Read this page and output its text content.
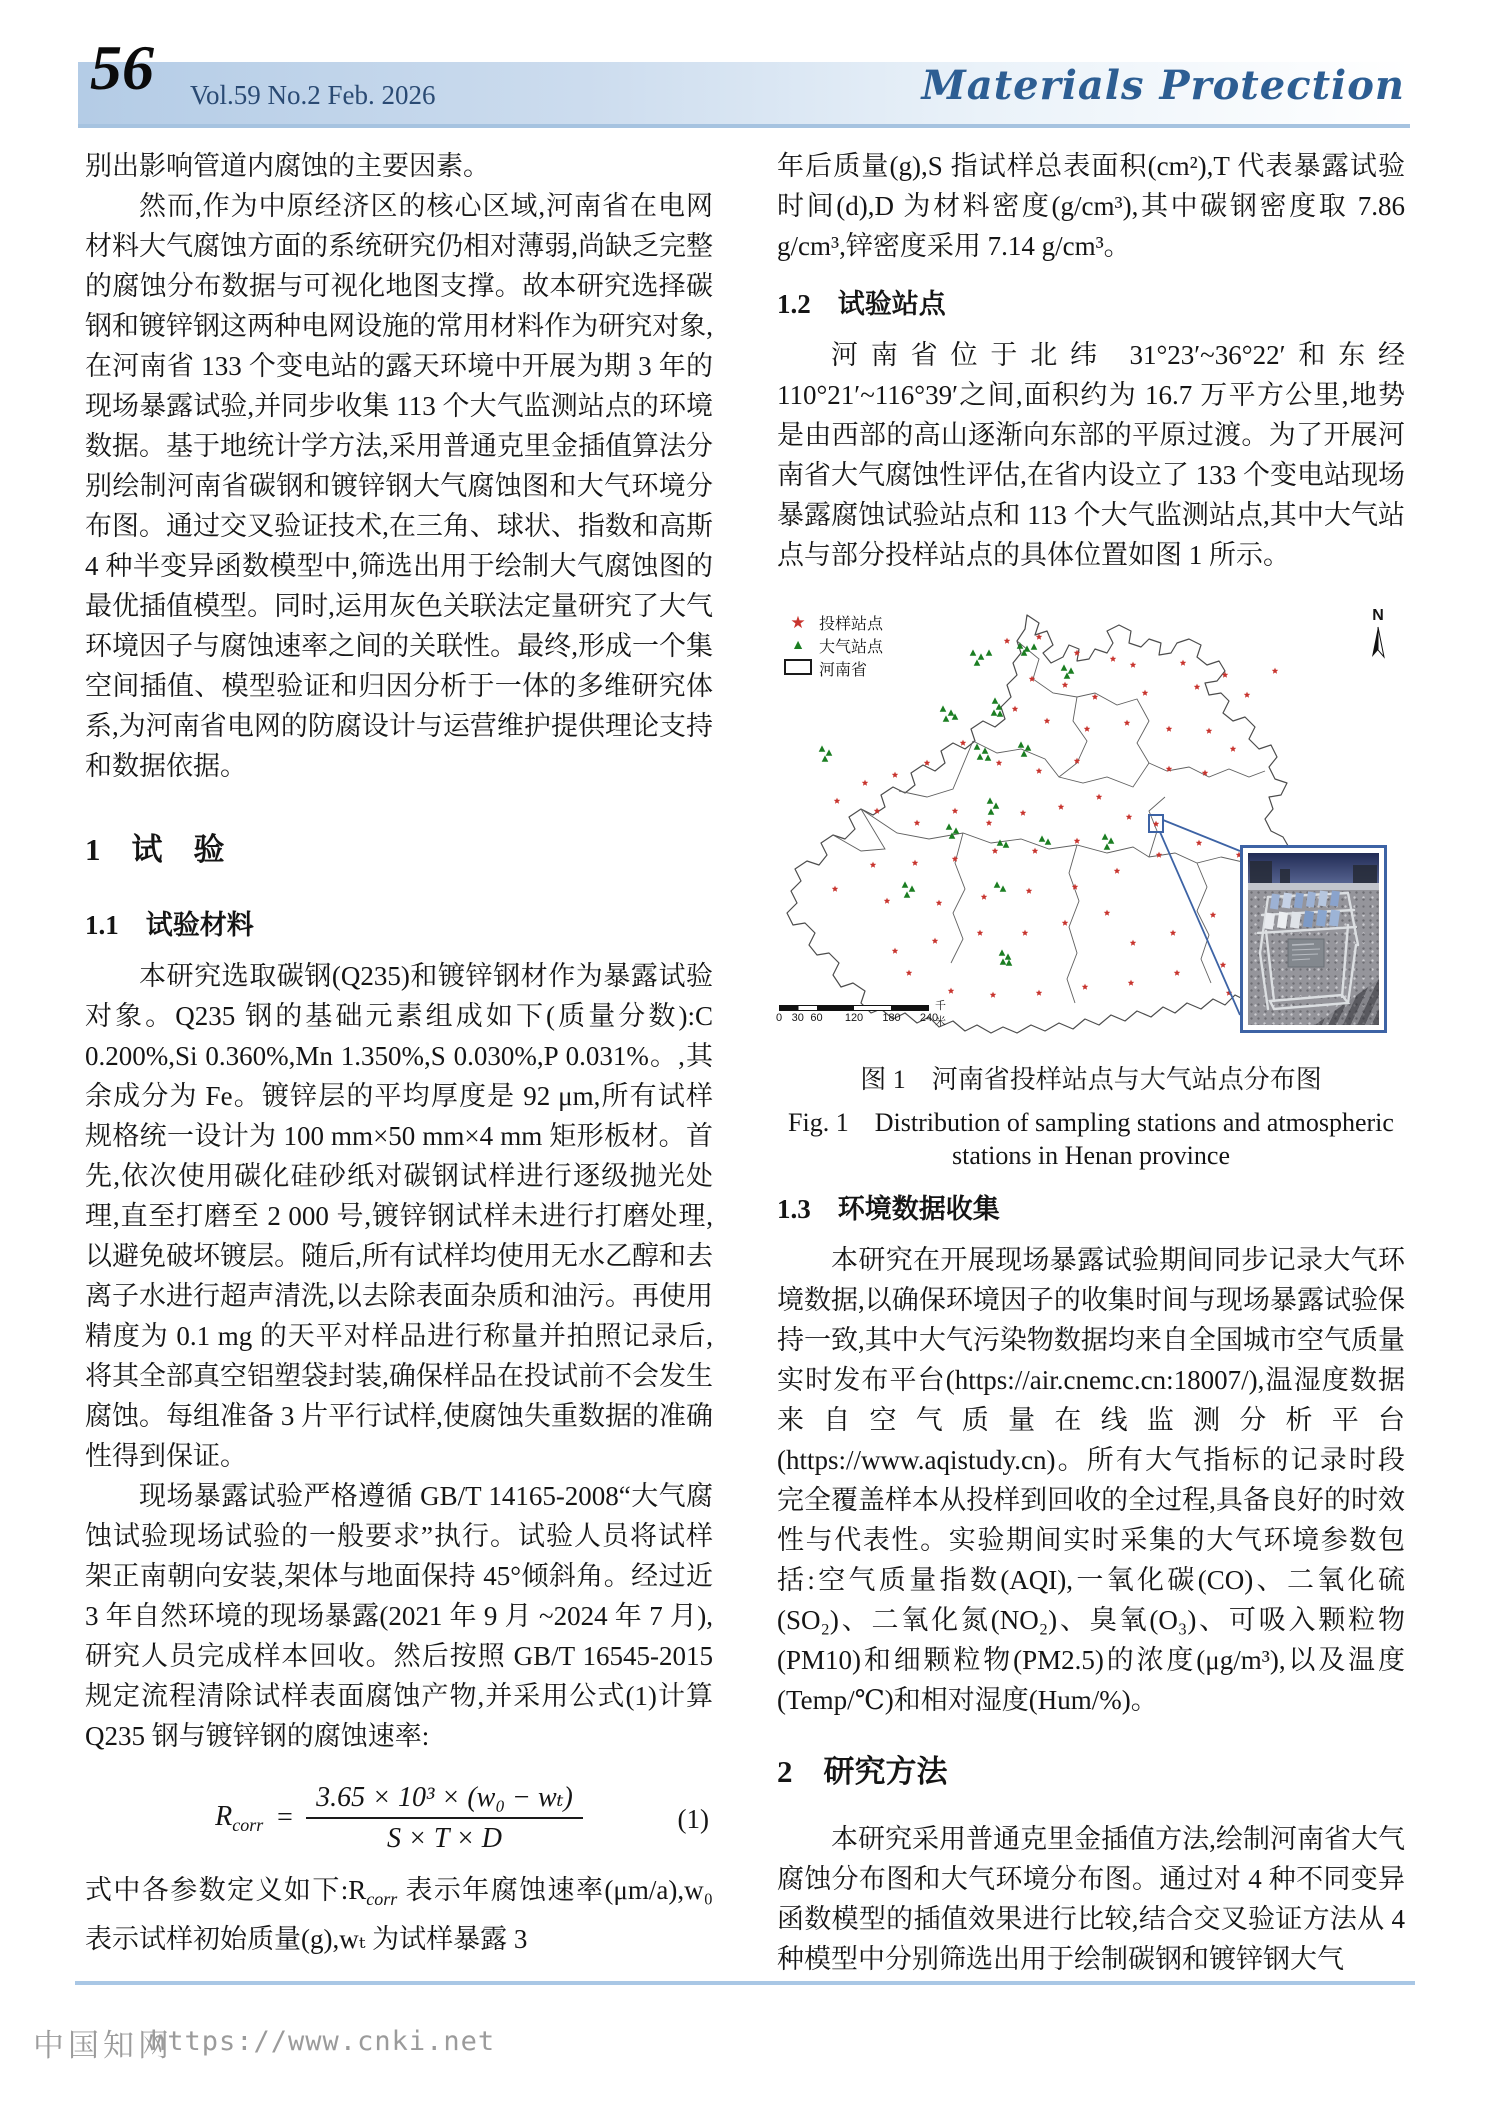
56 Vol.59 No.2 Feb. 2026	Materials Protection

别出影响管道内腐蚀的主要因素。

然而,作为中原经济区的核心区域,河南省在电网材料大气腐蚀方面的系统研究仍相对薄弱,尚缺乏完整的腐蚀分布数据与可视化地图支撑。故本研究选择碳钢和镀锌钢这两种电网设施的常用材料作为研究对象,在河南省 133 个变电站的露天环境中开展为期 3 年的现场暴露试验,并同步收集 113 个大气监测站点的环境数据。基于地统计学方法,采用普通克里金插值算法分别绘制河南省碳钢和镀锌钢大气腐蚀图和大气环境分布图。通过交叉验证技术,在三角、球状、指数和高斯 4 种半变异函数模型中,筛选出用于绘制大气腐蚀图的最优插值模型。同时,运用灰色关联法定量研究了大气环境因子与腐蚀速率之间的关联性。最终,形成一个集空间插值、模型验证和归因分析于一体的多维研究体系,为河南省电网的防腐设计与运营维护提供理论支持和数据依据。

1　试　验
1.1　试验材料

本研究选取碳钢(Q235)和镀锌钢材作为暴露试验对象。Q235 钢的基础元素组成如下(质量分数):C 0.200%,Si 0.360%,Mn 1.350%,S 0.030%,P 0.031%。,其余成分为 Fe。镀锌层的平均厚度是 92 μm,所有试样规格统一设计为 100 mm×50 mm×4 mm 矩形板材。首先,依次使用碳化硅砂纸对碳钢试样进行逐级抛光处理,直至打磨至 2 000 号,镀锌钢试样未进行打磨处理,以避免破坏镀层。随后,所有试样均使用无水乙醇和去离子水进行超声清洗,以去除表面杂质和油污。再使用精度为 0.1 mg 的天平对样品进行称量并拍照记录后,将其全部真空铝塑袋封装,确保样品在投试前不会发生腐蚀。每组准备 3 片平行试样,使腐蚀失重数据的准确性得到保证。

现场暴露试验严格遵循 GB/T 14165-2008“大气腐蚀试验现场试验的一般要求”执行。试验人员将试样架正南朝向安装,架体与地面保持 45°倾斜角。经过近 3 年自然环境的现场暴露(2021 年 9 月 ~2024 年 7 月),研究人员完成样本回收。然后按照 GB/T 16545-2015 规定流程清除试样表面腐蚀产物,并采用公式(1)计算 Q235 钢与镀锌钢的腐蚀速率:

$R_{corr} = \frac{\text{3.65 × 10³ × (w₀ − wₜ)}}{S \times T \times D}$	(1)

式中各参数定义如下$:R_{corr}$ 表示年腐蚀速率(μm/a),w₀ 表示试样初始质量(g),wₜ 为试样暴露 3

年后质量(g),S 指试样总表面积(cm²),T 代表暴露试验时间(d),D 为材料密度(g/cm³),其中碳钢密度取 7.86 g/cm³,锌密度采用 7.14 g/cm³。

1.2　试验站点

河南省位于北纬 31°23′~36°22′和东经 110°21′~116°39′之间,面积约为 16.7 万平方公里,地势是由西部的高山逐渐向东部的平原过渡。为了开展河南省大气腐蚀性评估,在省内设立了 133 个变电站现场暴露腐蚀试验站点和 113 个大气监测站点,其中大气站点与部分投样站点的具体位置如图 1 所示。

★ 投样站点
▲ 大气站点
河南省
N
千米
0 30 60 120 180 240
图 1　河南省投样站点与大气站点分布图
Fig. 1　Distribution of sampling stations and atmospheric
stations in Henan province
1.3　环境数据收集

本研究在开展现场暴露试验期间同步记录大气环境数据,以确保环境因子的收集时间与现场暴露试验保持一致,其中大气污染物数据均来自全国城市空气质量实时发布平台(https://air.cnemc.cn:18007/),温湿度数据来自空气质量在线监测分析平台(https://www.aqistudy.cn)。所有大气指标的记录时段完全覆盖样本从投样到回收的全过程,具备良好的时效性与代表性。实验期间实时采集的大气环境参数包括:空气质量指数(AQI),一氧化碳(CO)、二氧化硫(SO₂)、二氧化氮(NO₂)、臭氧(O₃)、可吸入颗粒物(PM10)和细颗粒物(PM2.5)的浓度(μg/m³),以及温度(Temp/℃)和相对湿度(Hum/%)。

2　研究方法

本研究采用普通克里金插值方法,绘制河南省大气腐蚀分布图和大气环境分布图。通过对 4 种不同变异函数模型的插值效果进行比较,结合交叉验证方法从 4 种模型中分别筛选出用于绘制碳钢和镀锌钢大气

中国知网
https://www.cnki.net
